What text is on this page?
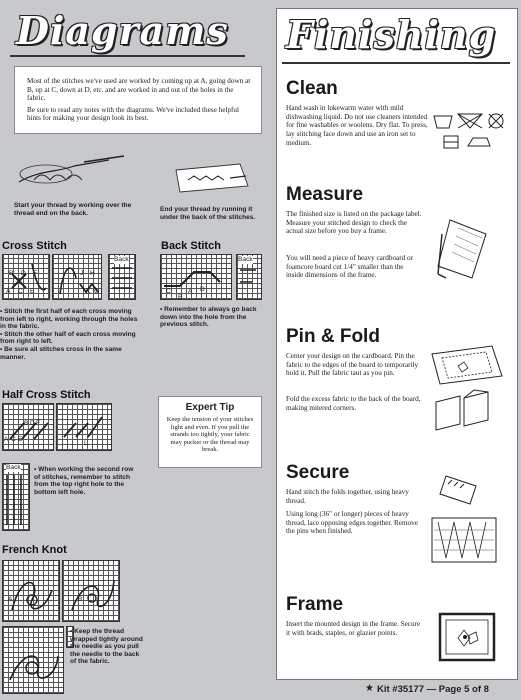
Diagrams

Most of the stitches we've used are worked by coming up at A, going down at B, up at C, down at D, etc. and are worked in and out of the holes in the fabric.

Be sure to read any notes with the diagrams. We've included these helpful hints for making your design look its best.

Start your thread by working over the thread end on the back.
End your thread by running it under the back of the stitches.
Cross Stitch
Back
A
B
C
D F
E
J H
K G
• Stitch the first half of each cross moving from left to right, working through the holes in the fabric.
• Stitch the other half of each cross moving from right to left.
• Be sure all stitches cross in the same manner.
Back Stitch
C
B
A D
Back
• Remember to always go back down into the hole from the previous stitch.
Half Cross Stitch
A C E
B D F
L
Back • When working the second row of stitches, remember to stitch from the top right hole to the bottom left hole.
Expert Tip
Keep the tension of your stitches light and even. If you pull the strands too tightly, your fabric may pucker or the thread may break.
French Knot
A	B
• Keep the thread wrapped tightly around the needle as you pull the needle to the back of the fabric.
Finishing
Clean

Hand wash in lukewarm water with mild dishwashing liquid. Do not use cleaners intended for fine washables or woolens. Dry flat. To press, lay stitching face down and use an iron set to medium.

Measure

The finished size is listed on the package label. Measure your stitched design to check the actual size before you buy a frame.

You will need a piece of heavy cardboard or foamcore board cut 1/4" smaller than the inside dimensions of the frame.

Pin & Fold

Center your design on the cardboard. Pin the fabric to the edges of the board to temporarily hold it. Pull the fabric taut as you pin.

Fold the excess fabric to the back of the board, making mitered corners.

Secure

Hand stitch the folds together, using heavy thread.

Using long (36" or longer) pieces of heavy thread, lace opposing edges together. Remove the pins when finished.

Frame

Insert the mounted design in the frame. Secure it with brads, staples, or glazier points.

★ Kit #35177 — Page 5 of 8
